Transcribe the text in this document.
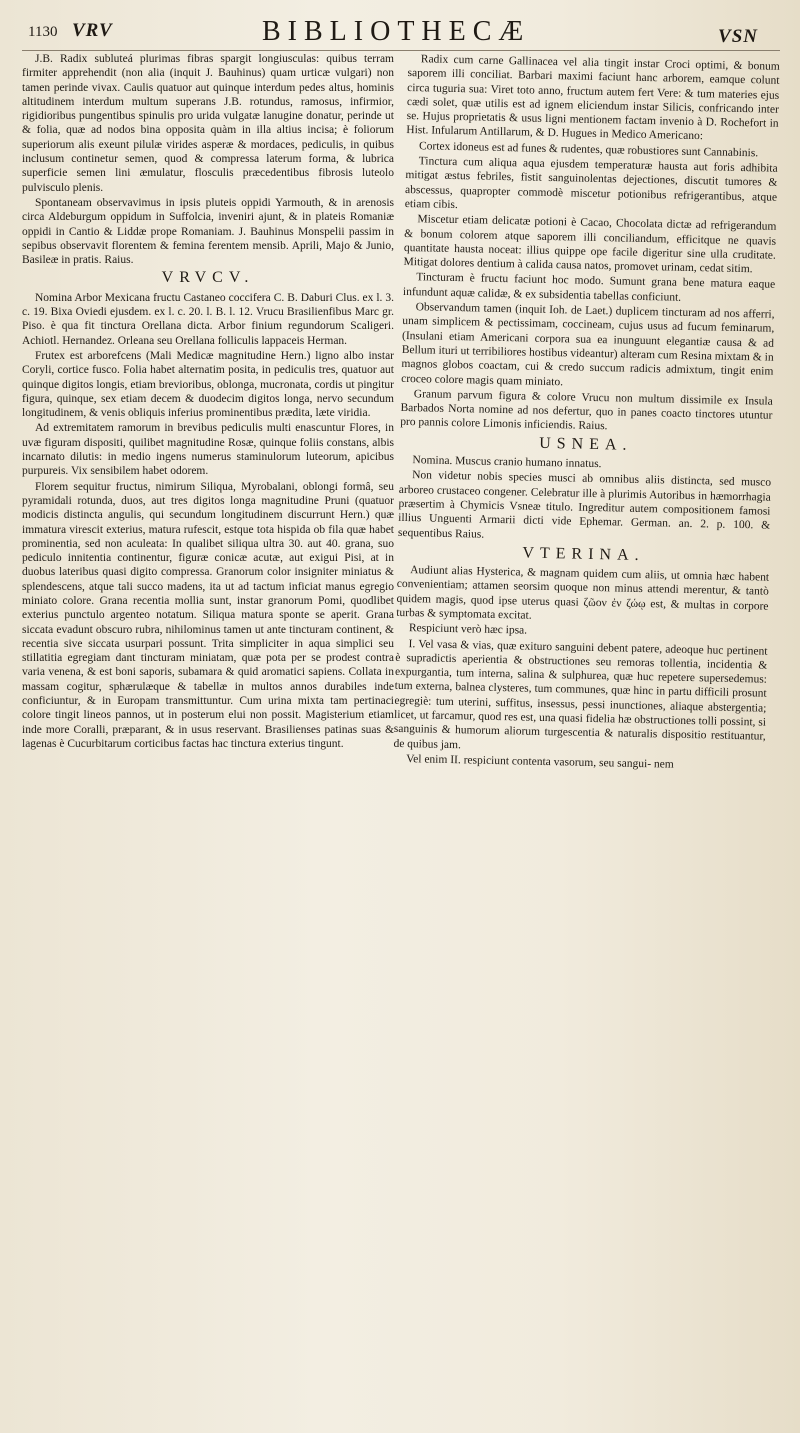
1130 VRV	BIBLIOTHECÆ	VSN

J.B. Radix subluteá plurimas fibras spargit longiusculas: quibus terram firmiter apprehendit (non alia (inquit J. Bauhinus) quam urticæ vulgari) non tamen perinde vivax. Caulis quatuor aut quinque interdum pedes altus, hominis altitudinem interdum multum superans J.B. rotundus, ramosus, infirmior, rigidioribus pungentibus spinulis pro urida vulgatæ lanugine donatur, perinde ut & folia, quæ ad nodos bina opposita quàm in illa altius incisa; è foliorum superiorum alis exeunt pilulæ virides asperæ & mordaces, pediculis, in quibus inclusum continetur semen, quod & compressa laterum forma, & lubrica superficie semen lini æmulatur, flosculis præcedentibus fibrosis luteolo pulvisculo plenis.

Spontaneam observavimus in ipsis pluteis oppidi Yarmouth, & in arenosis circa Aldeburgum oppidum in Suffolcia, inveniri ajunt, & in plateis Romaniæ oppidi in Cantio & Liddæ prope Romaniam. J. Bauhinus Monspelii passim in sepibus observavit florentem & femina ferentem mensib. Aprili, Majo & Junio, Basileæ in pratis. Raius.

VRVCV.

Nomina Arbor Mexicana fructu Castaneo coccifera C. B. Daburi Clus. ex l. 3. c. 19. Bixa Oviedi ejusdem. ex l. c. 20. l. B. l. 12. Vrucu Brasilienfibus Marc gr. Piso. è qua fit tinctura Orellana dicta. Arbor finium regundorum Scaligeri. Achiotl. Hernandez. Orleana seu Orellana folliculis lappaceis Herman.

Frutex est arborefcens (Mali Medicæ magnitudine Hern.) ligno albo instar Coryli, cortice fusco. Folia habet alternatim posita, in pediculis tres, quatuor aut quinque digitos longis, etiam brevioribus, oblonga, mucronata, cordis ut pingitur figura, quinque, sex etiam decem & duodecim digitos longa, nervo secundum longitudinem, & venis obliquis inferius prominentibus prædita, læte viridia.

Ad extremitatem ramorum in brevibus pediculis multi enascuntur Flores, in uvæ figuram dispositi, quilibet magnitudine Rosæ, quinque foliis constans, albis incarnato dilutis: in medio ingens numerus staminulorum luteorum, apicibus purpureis. Vix sensibilem habet odorem.

Florem sequitur fructus, nimirum Siliqua, Myrobalani, oblongi formâ, seu pyramidali rotunda, duos, aut tres digitos longa magnitudine Pruni (quatuor modicis distincta angulis, qui secundum longitudinem discurrunt Hern.) quæ immatura virescit exterius, matura rufescit, estque tota hispida ob fila quæ habet prominentia, sed non aculeata: In qualibet siliqua ultra 30. aut 40. grana, suo pediculo innitentia continentur, figuræ conicæ acutæ, aut exigui Pisi, at in duobus lateribus quasi digito compressa. Granorum color insigniter miniatus & splendescens, atque tali succo madens, ita ut ad tactum inficiat manus egregio miniato colore. Grana recentia mollia sunt, instar granorum Pomi, quodlibet exterius punctulo argenteo notatum. Siliqua matura sponte se aperit. Grana siccata evadunt obscuro rubra, nihilominus tamen ut ante tincturam continent, & recentia sive siccata usurpari possunt. Trita simpliciter in aqua simplici seu stillatitia egregiam dant tincturam miniatam, quæ pota per se prodest contra varia venena, & est boni saporis, subamara & quid aromatici sapiens. Collata in massam cogitur, sphærulæque & tabellæ in multos annos durabiles inde conficiuntur, & in Europam transmittuntur. Cum urina mixta tam pertinaci colore tingit lineos pannos, ut in posterum elui non possit. Magisterium etiam inde more Coralli, præparant, & in usus reservant. Brasilienses patinas suas & lagenas è Cucurbitarum corticibus factas hac tinctura exterius tingunt.

Radix cum carne Gallinacea vel alia tingit instar Croci optimi, & bonum saporem illi conciliat. Barbari maximi faciunt hanc arborem, eamque colunt circa tuguria sua: Viret toto anno, fructum autem fert Vere: & tum materies ejus cædi solet, quæ utilis est ad ignem eliciendum instar Silicis, confricando inter se. Hujus proprietatis & usus ligni mentionem factam invenio à D. Rochefort in Hist. Infularum Antillarum, & D. Hugues in Medico Americano:

Cortex idoneus est ad funes & rudentes, quæ robustiores sunt Cannabinis.

Tinctura cum aliqua aqua ejusdem temperaturæ hausta aut foris adhibita mitigat æstus febriles, fistit sanguinolentas dejectiones, discutit tumores & abscessus, quapropter commodè miscetur potionibus refrigerantibus, atque etiam cibis.

Miscetur etiam delicatæ potioni è Cacao, Chocolata dictæ ad refrigerandum & bonum colorem atque saporem illi conciliandum, efficitque ne quavis quantitate hausta noceat: illius quippe ope facile digeritur sine ulla cruditate. Mitigat dolores dentium à calida causa natos, promovet urinam, cedat sitim.

Tincturam è fructu faciunt hoc modo. Sumunt grana bene matura eaque infundunt aquæ calidæ, & ex subsidentia tabellas conficiunt.

Observandum tamen (inquit Ioh. de Laet.) duplicem tincturam ad nos afferri, unam simplicem & pectissimam, coccineam, cujus usus ad fucum feminarum, (Insulani etiam Americani corpora sua ea inunguunt elegantiæ causa & ad Bellum ituri ut terribiliores hostibus videantur) alteram cum Resina mixtam & in magnos globos coactam, cui & credo succum radicis admixtum, tingit enim croceo colore magis quam miniato.

Granum parvum figura & colore Vrucu non multum dissimile ex Insula Barbados Norta nomine ad nos defertur, quo in panes coacto tinctores utuntur pro pannis colore Limonis inficiendis. Raius.

USNEA.

Nomina. Muscus cranio humano innatus.

Non videtur nobis species musci ab omnibus aliis distincta, sed musco arboreo crustaceo congener. Celebratur ille à plurimis Autoribus in hæmorrhagia præsertim à Chymicis Vsneæ titulo. Ingreditur autem compositionem famosi illius Unguenti Armarii dicti vide Ephemar. German. an. 2. p. 100. & sequentibus Raius.

VTERINA.

Audiunt alias Hysterica, & magnam quidem cum aliis, ut omnia hæc habent convenientiam; attamen seorsim quoque non minus attendi merentur, & tantò quidem magis, quod ipse uterus quasi ζῶον ἐν ζώῳ est, & multas in corpore turbas & symptomata excitat.

Respiciunt verò hæc ipsa.

I. Vel vasa & vias, quæ exituro sanguini debent patere, adeoque huc pertinent è supradictis aperientia & obstructiones seu remoras tollentia, incidentia & expurgantia, tum interna, salina & sulphurea, quæ huc repetere supersedemus: tum externa, balnea clysteres, tum communes, quæ hinc in partu difficili prosunt egregiè: tum uterini, suffitus, insessus, pessi inunctiones, aliaque abstergentia; licet, ut farcamur, quod res est, una quasi fidelia hæ obstructiones tolli possint, si sanguinis & humorum aliorum turgescentia & naturalis dispositio restituantur, de quibus jam.

Vel enim II. respiciunt contenta vasorum, seu sangui- nem
